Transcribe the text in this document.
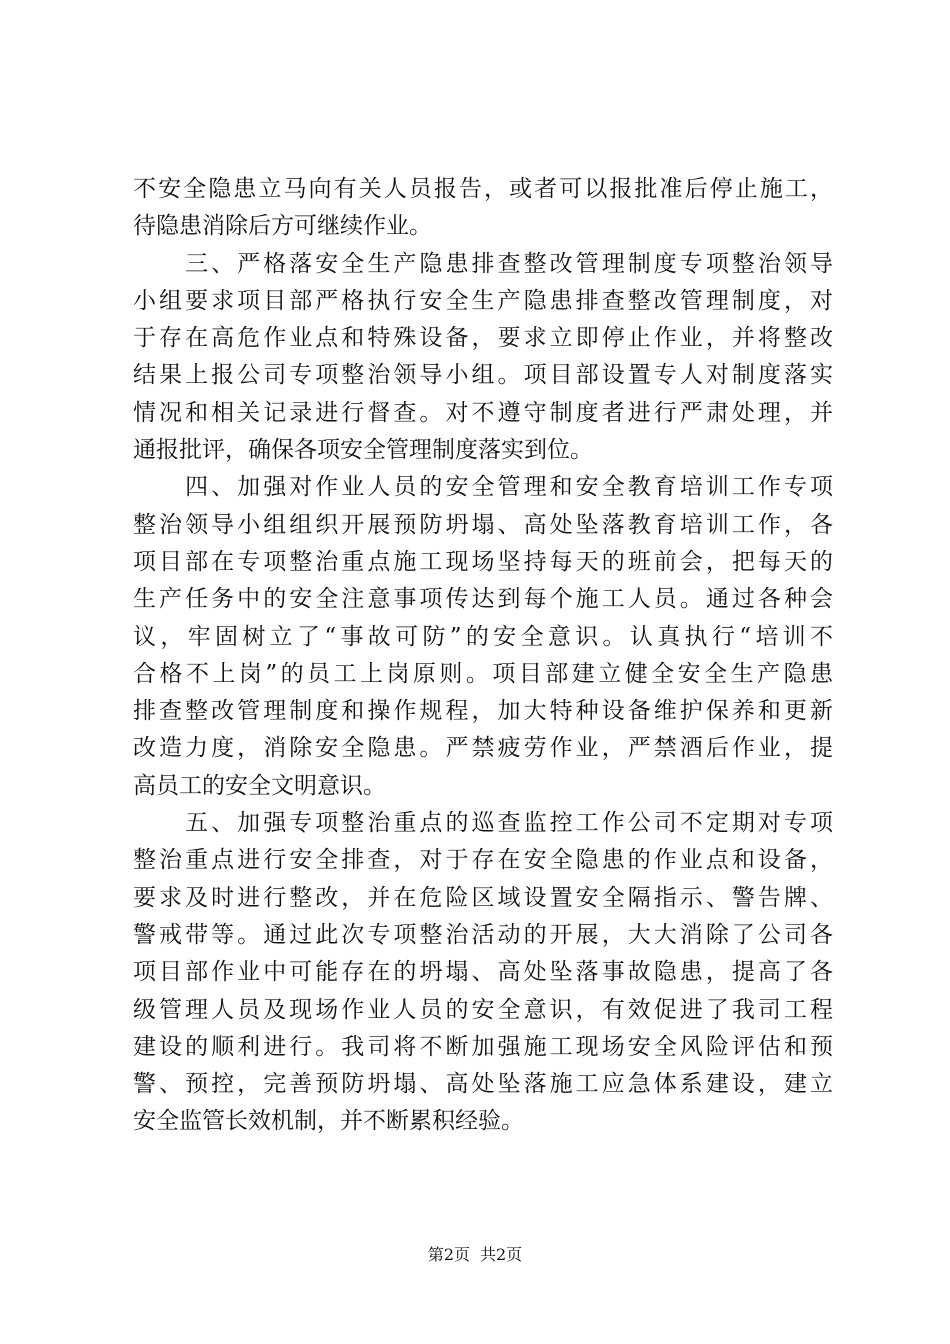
不安全隐患立马向有关人员报告，或者可以报批准后停止施工，
待隐患消除后方可继续作业。
　　三、严格落安全生产隐患排查整改管理制度专项整治领导
小组要求项目部严格执行安全生产隐患排查整改管理制度，对
于存在高危作业点和特殊设备，要求立即停止作业，并将整改
结果上报公司专项整治领导小组。项目部设置专人对制度落实
情况和相关记录进行督查。对不遵守制度者进行严肃处理，并
通报批评，确保各项安全管理制度落实到位。
　　四、加强对作业人员的安全管理和安全教育培训工作专项
整治领导小组组织开展预防坍塌、高处坠落教育培训工作，各
项目部在专项整治重点施工现场坚持每天的班前会，把每天的
生产任务中的安全注意事项传达到每个施工人员。通过各种会
议，牢固树立了“事故可防”的安全意识。认真执行“培训不
合格不上岗”的员工上岗原则。项目部建立健全安全生产隐患
排查整改管理制度和操作规程，加大特种设备维护保养和更新
改造力度，消除安全隐患。严禁疲劳作业，严禁酒后作业，提
高员工的安全文明意识。
　　五、加强专项整治重点的巡查监控工作公司不定期对专项
整治重点进行安全排查，对于存在安全隐患的作业点和设备，
要求及时进行整改，并在危险区域设置安全隔指示、警告牌、
警戒带等。通过此次专项整治活动的开展，大大消除了公司各
项目部作业中可能存在的坍塌、高处坠落事故隐患，提高了各
级管理人员及现场作业人员的安全意识，有效促进了我司工程
建设的顺利进行。我司将不断加强施工现场安全风险评估和预
警、预控，完善预防坍塌、高处坠落施工应急体系建设，建立
安全监管长效机制，并不断累积经验。
第2页 共2页
